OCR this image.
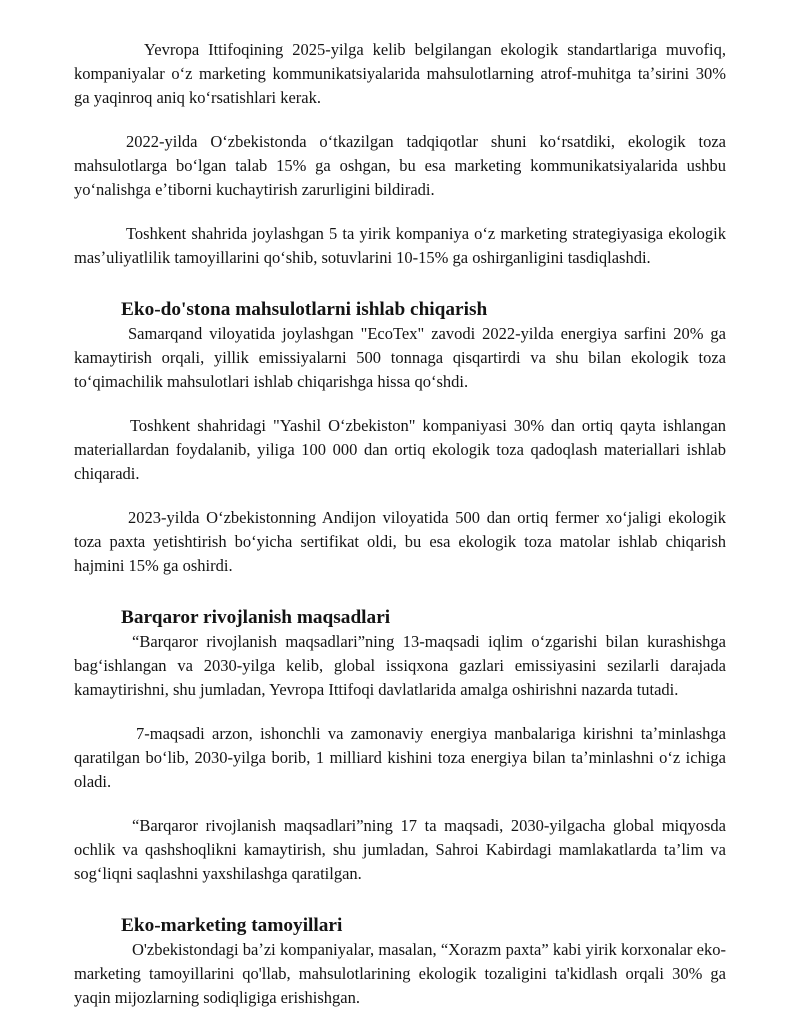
Yevropa Ittifoqining 2025-yilga kelib belgilangan ekologik standartlariga muvofiq, kompaniyalar oʻz marketing kommunikatsiyalarida mahsulotlarning atrof-muhitga taʼsirini 30% ga yaqinroq aniq koʻrsatishlari kerak.

2022-yilda Oʻzbekistonda oʻtkazilgan tadqiqotlar shuni koʻrsatdiki, ekologik toza mahsulotlarga boʻlgan talab 15% ga oshgan, bu esa marketing kommunikatsiyalarida ushbu yoʻnalishga eʼtiborni kuchaytirish zarurligini bildiradi.

Toshkent shahrida joylashgan 5 ta yirik kompaniya oʻz marketing strategiyasiga ekologik masʼuliyatlilik tamoyillarini qoʻshib, sotuvlarini 10-15% ga oshirganligini tasdiqlashdi.

Eko-do'stona mahsulotlarni ishlab chiqarish

Samarqand viloyatida joylashgan "EcoTex" zavodi 2022-yilda energiya sarfini 20% ga kamaytirish orqali, yillik emissiyalarni 500 tonnaga qisqartirdi va shu bilan ekologik toza toʻqimachilik mahsulotlari ishlab chiqarishga hissa qoʻshdi.

Toshkent shahridagi "Yashil Oʻzbekiston" kompaniyasi 30% dan ortiq qayta ishlangan materiallardan foydalanib, yiliga 100 000 dan ortiq ekologik toza qadoqlash materiallari ishlab chiqaradi.

2023-yilda Oʻzbekistonning Andijon viloyatida 500 dan ortiq fermer xoʻjaligi ekologik toza paxta yetishtirish boʻyicha sertifikat oldi, bu esa ekologik toza matolar ishlab chiqarish hajmini 15% ga oshirdi.

Barqaror rivojlanish maqsadlari

“Barqaror rivojlanish maqsadlari”ning 13-maqsadi iqlim oʻzgarishi bilan kurashishga bagʻishlangan va 2030-yilga kelib, global issiqxona gazlari emissiyasini sezilarli darajada kamaytirishni, shu jumladan, Yevropa Ittifoqi davlatlarida amalga oshirishni nazarda tutadi.

7-maqsadi arzon, ishonchli va zamonaviy energiya manbalariga kirishni taʼminlashga qaratilgan boʻlib, 2030-yilga borib, 1 milliard kishini toza energiya bilan taʼminlashni oʻz ichiga oladi.

“Barqaror rivojlanish maqsadlari”ning 17 ta maqsadi, 2030-yilgacha global miqyosda ochlik va qashshoqlikni kamaytirish, shu jumladan, Sahroi Kabirdagi mamlakatlarda ta’lim va sogʻliqni saqlashni yaxshilashga qaratilgan.

Eko-marketing tamoyillari

O'zbekistondagi baʼzi kompaniyalar, masalan, “Xorazm paxta” kabi yirik korxonalar eko-marketing tamoyillarini qo'llab, mahsulotlarining ekologik tozaligini ta'kidlash orqali 30% ga yaqin mijozlarning sodiqligiga erishishgan.
